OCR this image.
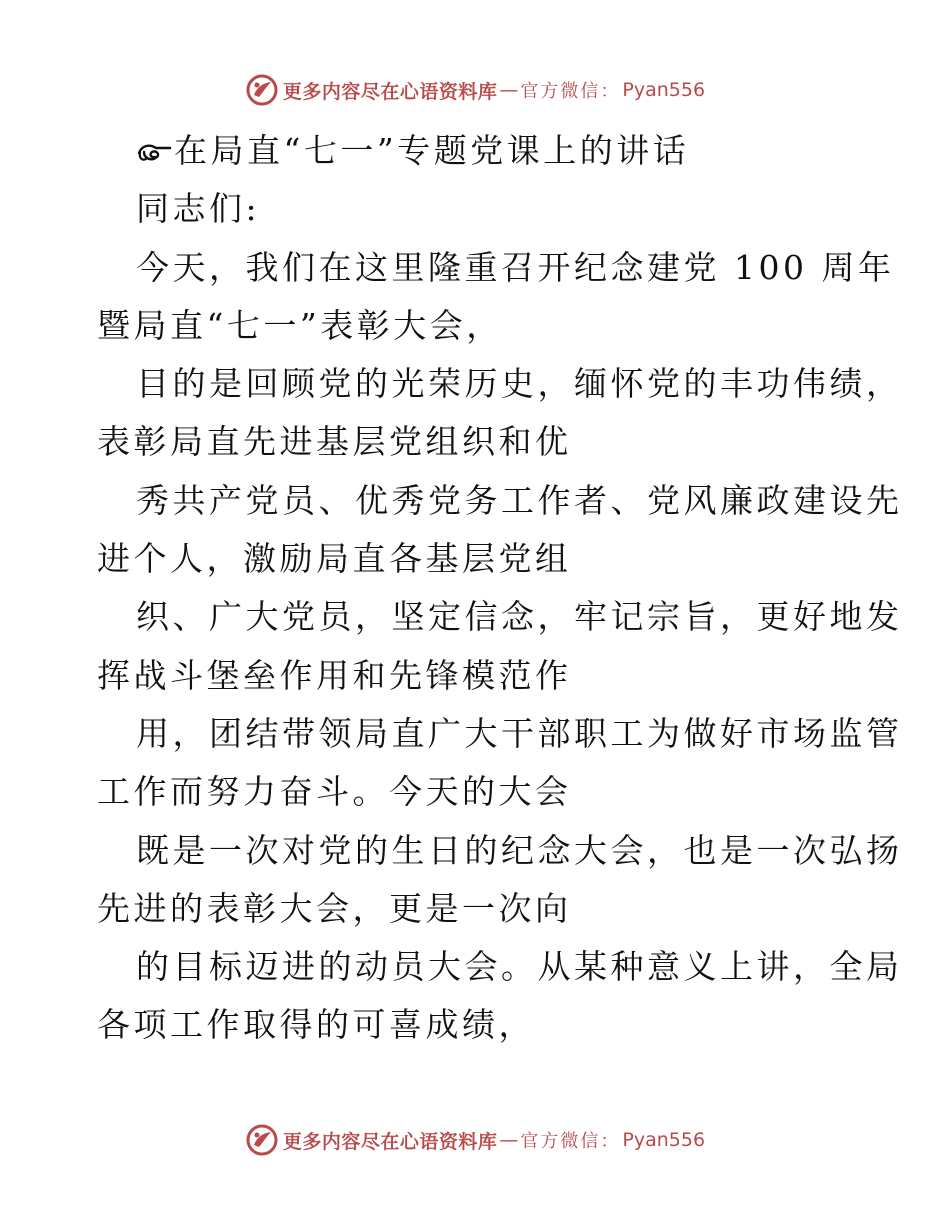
更多内容尽在心语资料库 — 官方微信： Pyan556
在局直“七一”专题党课上的讲话
同志们:
今天，我们在这里隆重召开纪念建党 100 周年
暨局直“七一”表彰大会，
目的是回顾党的光荣历史，缅怀党的丰功伟绩，
表彰局直先进基层党组织和优
秀共产党员、优秀党务工作者、党风廉政建设先
进个人，激励局直各基层党组
织、广大党员，坚定信念，牢记宗旨，更好地发
挥战斗堡垒作用和先锋模范作
用，团结带领局直广大干部职工为做好市场监管
工作而努力奋斗。今天的大会
既是一次对党的生日的纪念大会，也是一次弘扬
先进的表彰大会，更是一次向
的目标迈进的动员大会。从某种意义上讲，全局
各项工作取得的可喜成绩，
更多内容尽在心语资料库 — 官方微信： Pyan556
